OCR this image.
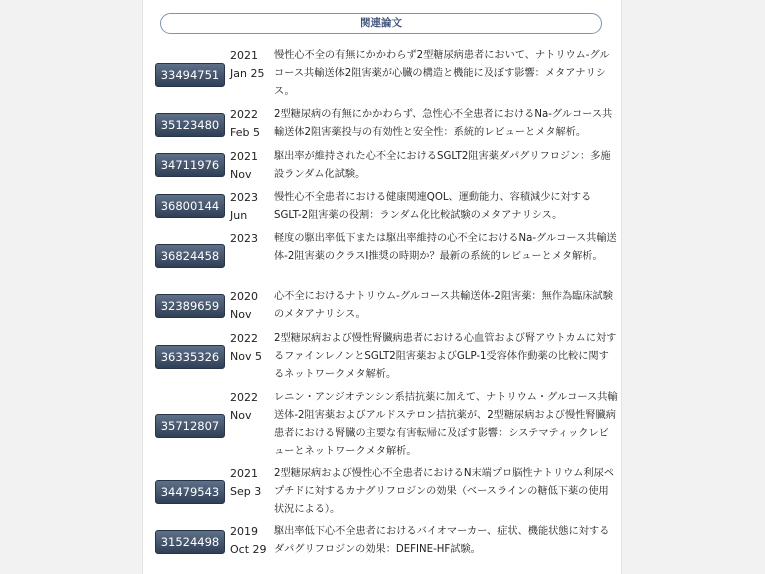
関連論文
33494751
2021
Jan 25
慢性心不全の有無にかかわらず2型糖尿病患者において、ナトリウム-グルコース共輸送体2阻害薬が心臓の構造と機能に及ぼす影響：メタアナリシス。
35123480
2022
Feb 5
2型糖尿病の有無にかかわらず、急性心不全患者におけるNa-グルコース共輸送体2阻害薬投与の有効性と安全性：系統的レビューとメタ解析。
34711976
2021
Nov
駆出率が維持された心不全におけるSGLT2阻害薬ダパグリフロジン：多施設ランダム化試験。
36800144
2023
Jun
慢性心不全患者における健康関連QOL、運動能力、容積減少に対するSGLT-2阻害薬の役割：ランダム化比較試験のメタアナリシス。
36824458
2023	軽度の駆出率低下または駆出率維持の心不全におけるNa-グルコース共輸送体-2阻害薬のクラスI推奨の時期か？最新の系統的レビューとメタ解析。
32389659
2020
Nov
心不全におけるナトリウム-グルコース共輸送体-2阻害薬：無作為臨床試験のメタアナリシス。
36335326
2022
Nov 5
2型糖尿病および慢性腎臓病患者における心血管および腎アウトカムに対するファインレノンとSGLT2阻害薬およびGLP-1受容体作動薬の比較に関するネットワークメタ解析。
35712807
2022
Nov
レニン・アンジオテンシン系拮抗薬に加えて、ナトリウム・グルコース共輸送体-2阻害薬およびアルドステロン拮抗薬が、2型糖尿病および慢性腎臓病患者における腎臓の主要な有害転帰に及ぼす影響：システマティックレビューとネットワークメタ解析。
34479543
2021
Sep 3
2型糖尿病および慢性心不全患者におけるN末端プロ脳性ナトリウム利尿ペプチドに対するカナグリフロジンの効果（ベースラインの糖低下薬の使用状況による）。
31524498
2019
Oct 29
駆出率低下心不全患者におけるバイオマーカー、症状、機能状態に対するダパグリフロジンの効果：DEFINE-HF試験。
